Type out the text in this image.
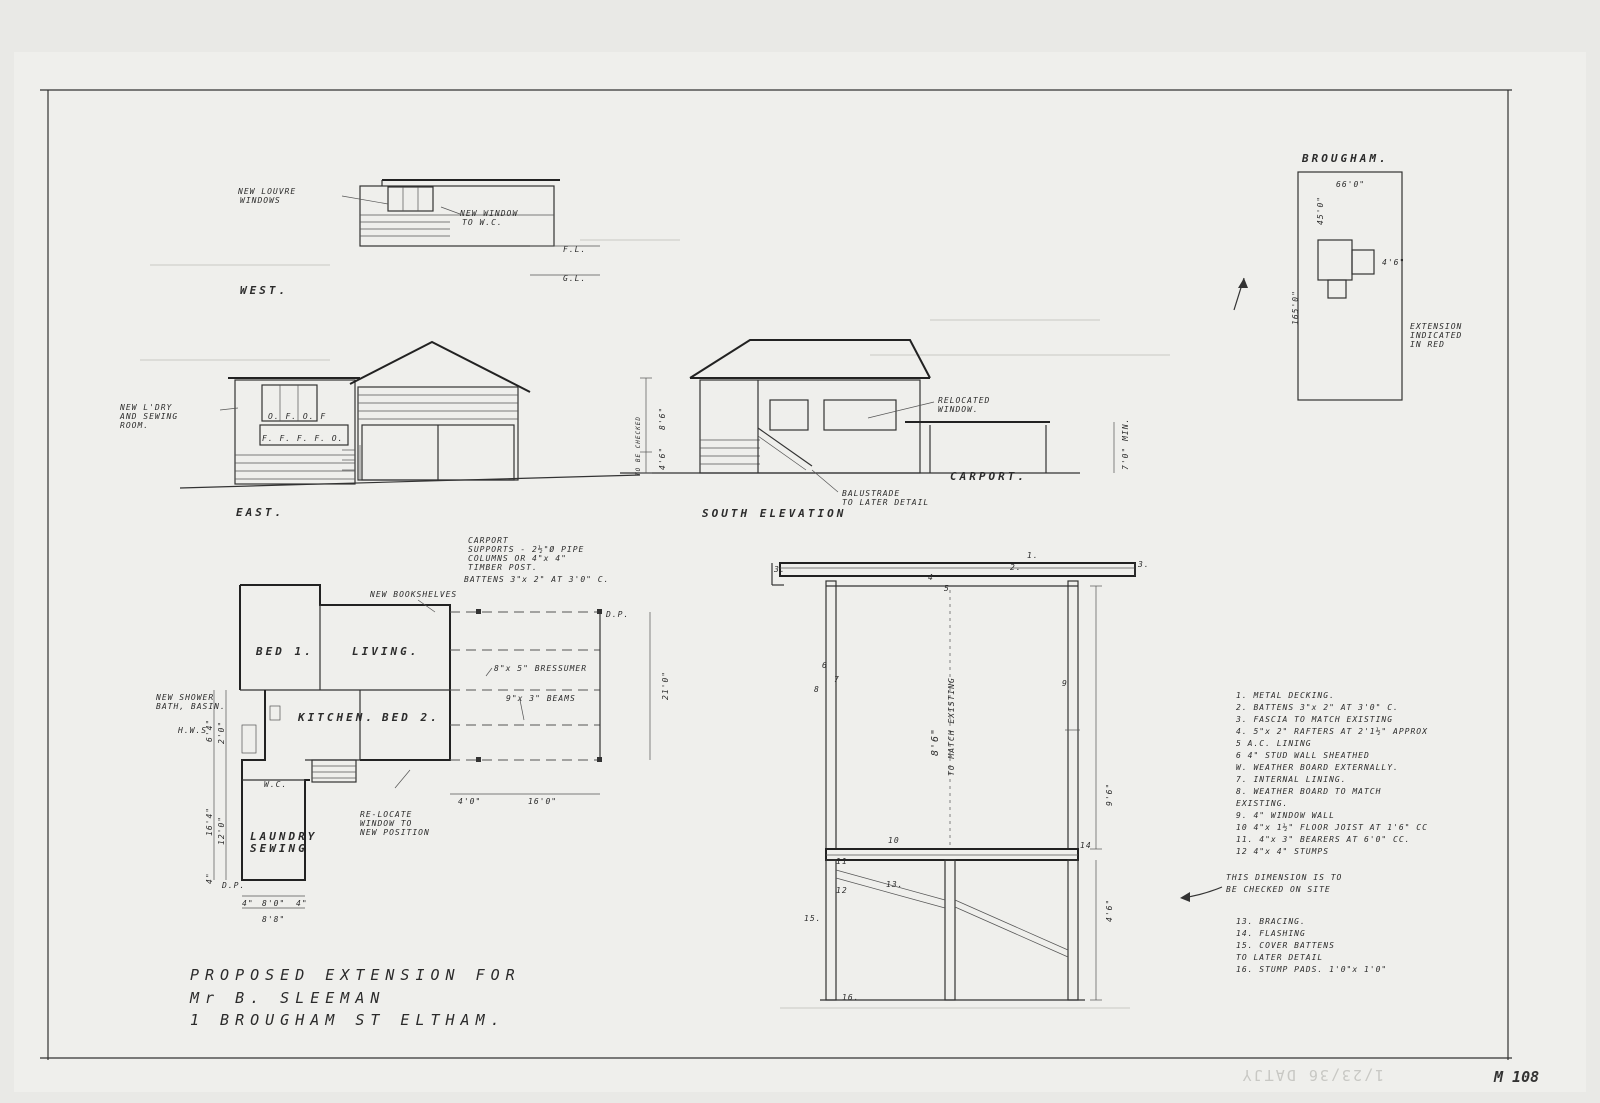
NEW LOUVRE
WINDOWS
NEW WINDOW
TO W.C.
F.L.
G.L.
WEST.
O. F. O. F
F. F. F. F. O.
NEW L'DRY
AND SEWING
ROOM.
EAST.
8'6"
4'6"
TO BE CHECKED
RELOCATED
WINDOW.
BALUSTRADE
TO LATER DETAIL
CARPORT.
7'0" MIN.
SOUTH ELEVATION
BROUGHAM.
66'0"
45'0"
165'0"
4'6"
EXTENSION
INDICATED
IN RED
CARPORT
SUPPORTS - 2½"Ø PIPE
COLUMNS OR 4"x 4"
TIMBER POST.
BATTENS 3"x 2" AT 3'0" C.
NEW BOOKSHELVES
D.P.
BED 1.	LIVING.
KITCHEN. BED 2.
NEW SHOWER
BATH, BASIN.
H.W.S
W.C.
LAUNDRY
SEWING
D.P.
8"x 5" BRESSUMER
9"x 3" BEAMS
RE-LOCATE
WINDOW TO
NEW POSITION
21'0"
4'0"	16'0"
4" 8'0" 4"
8'8"
16'4" 12'0"
6'4" 2'0"
4"
1.
2.	3.
3.
4
5
6
7
8
9
10
11
12
13.
14
15.
16.
8'6" TO MATCH EXISTING
9'6"
4'6"
1. METAL DECKING.
2. BATTENS 3"x 2" AT 3'0" C.
3. FASCIA TO MATCH EXISTING
4. 5"x 2" RAFTERS AT 2'1½" APPROX
5 A.C. LINING
6 4" STUD WALL SHEATHED
W. WEATHER BOARD EXTERNALLY.
7. INTERNAL LINING.
8. WEATHER BOARD TO MATCH
EXISTING.
9. 4" WINDOW WALL
10 4"x 1½" FLOOR JOIST AT 1'6" CC
11. 4"x 3" BEARERS AT 6'0" CC.
12 4"x 4" STUMPS
THIS DIMENSION IS TO
BE CHECKED ON SITE
13. BRACING.
14. FLASHING
15. COVER BATTENS
TO LATER DETAIL
16. STUMP PADS. 1'0"x 1'0"
PROPOSED EXTENSION FOR
Mr B. SLEEMAN
1 BROUGHAM ST ELTHAM.
1/23/36 DATJY	M 108
